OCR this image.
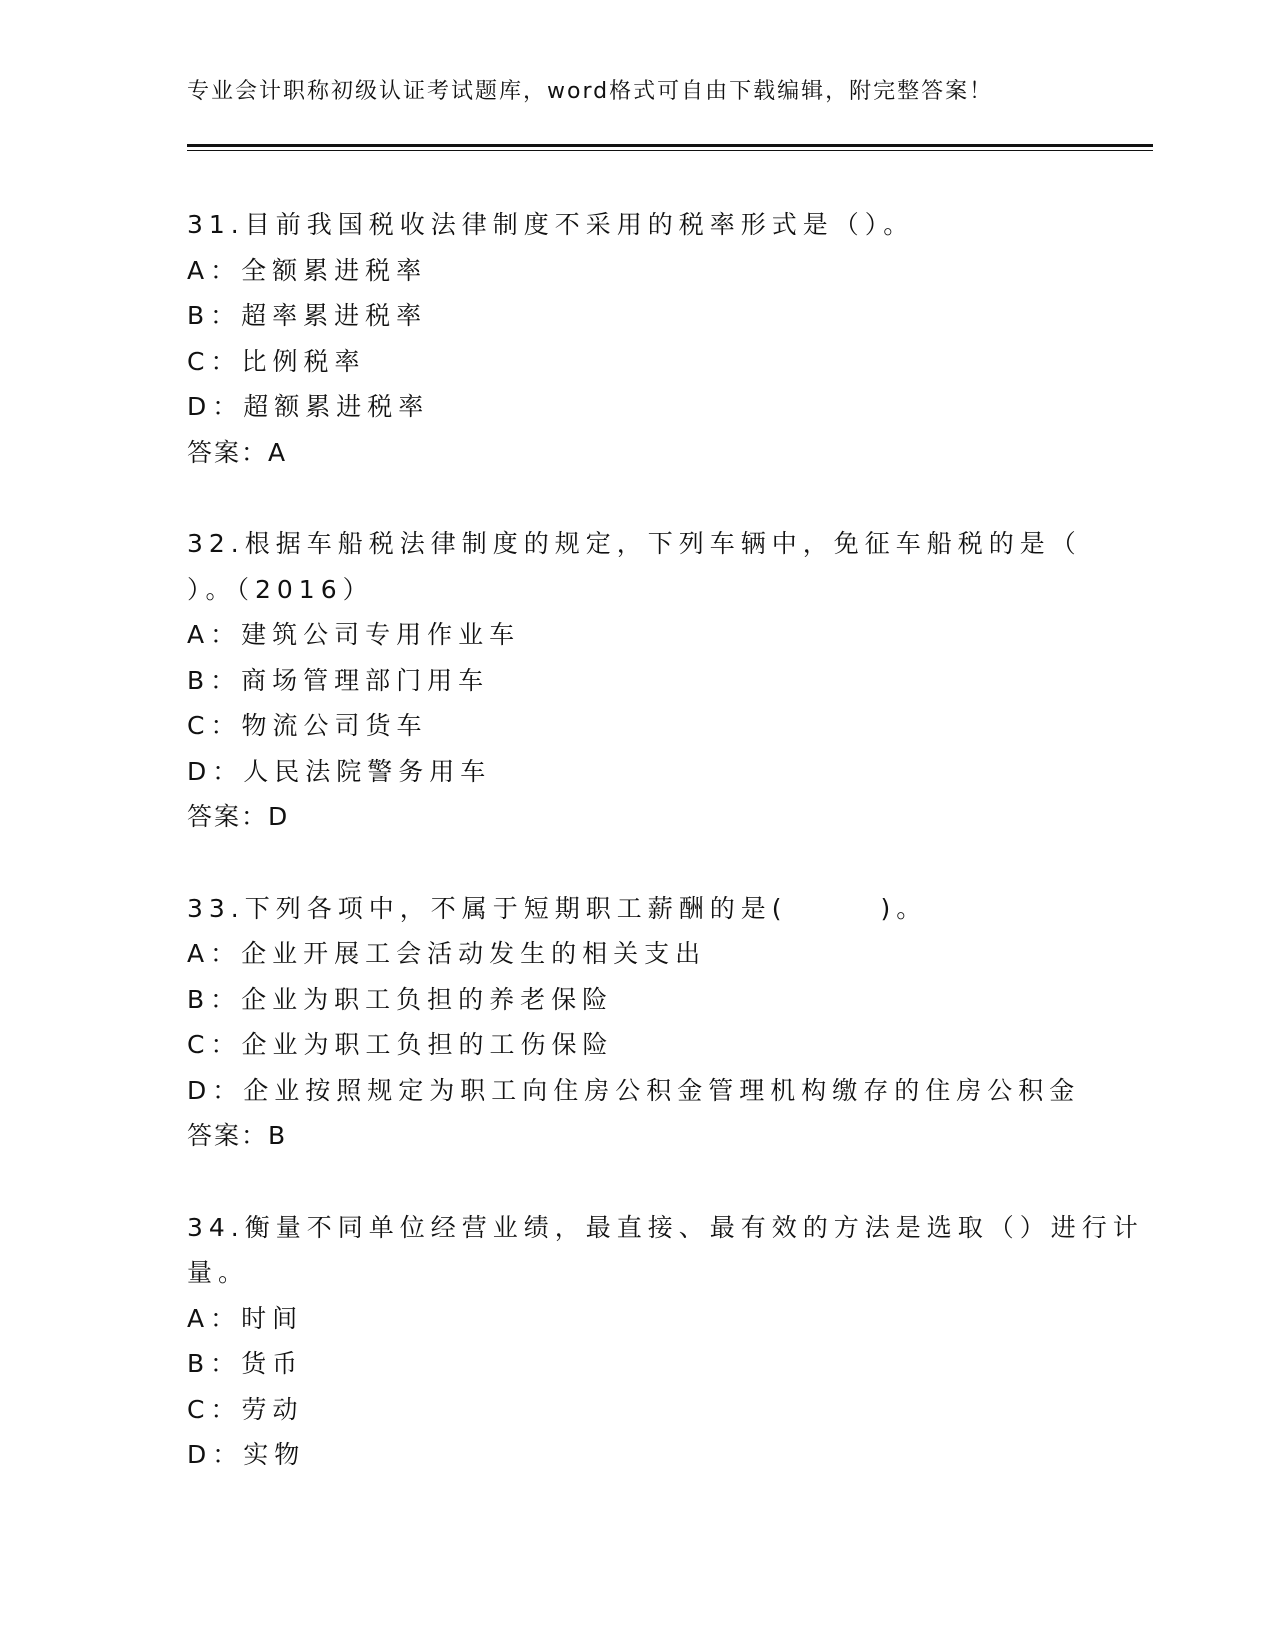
专业会计职称初级认证考试题库，word格式可自由下载编辑，附完整答案！
31.目前我国税收法律制度不采用的税率形式是（）。
A：全额累进税率
B：超率累进税率
C：比例税率
D：超额累进税率
答案：A
32.根据车船税法律制度的规定，下列车辆中，免征车船税的是（
）。（2016）
A：建筑公司专用作业车
B：商场管理部门用车
C：物流公司货车
D：人民法院警务用车
答案：D
33.下列各项中，不属于短期职工薪酬的是(　　　)。
A：企业开展工会活动发生的相关支出
B：企业为职工负担的养老保险
C：企业为职工负担的工伤保险
D：企业按照规定为职工向住房公积金管理机构缴存的住房公积金
答案：B
34.衡量不同单位经营业绩，最直接、最有效的方法是选取（）进行计
量。
A：时间
B：货币
C：劳动
D：实物
